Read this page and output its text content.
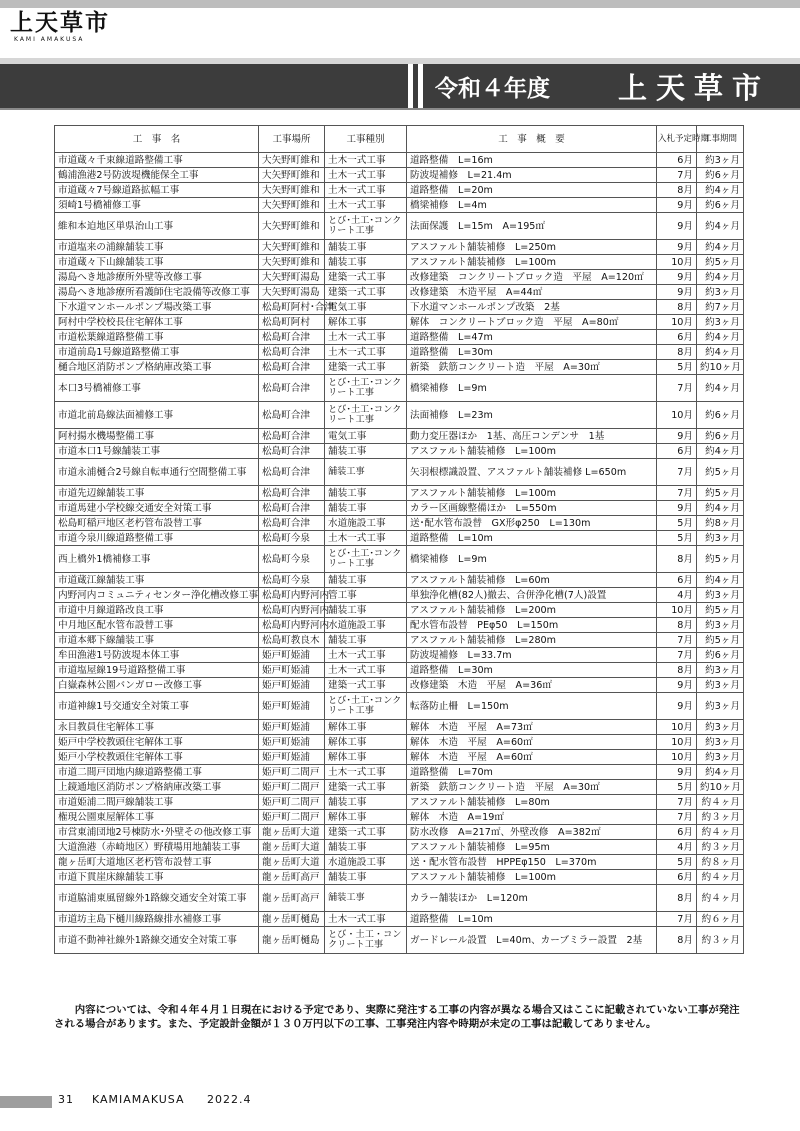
上天草市
KAMI AMAKUSA
令和４年度 上天草市
工　事　名	工事場所	工事種別	工　事　概　要	入札予定時期	工事期間
市道蔵々千束線道路整備工事	大矢野町維和	土木一式工事	道路整備　L=16m	6月	約3ヶ月
鶴浦漁港2号防波堤機能保全工事	大矢野町維和	土木一式工事	防波堤補修　L=21.4m	7月	約6ヶ月
市道蔵々7号線道路拡幅工事	大矢野町維和	土木一式工事	道路整備　L=20m	8月	約4ヶ月
須崎1号橋補修工事	大矢野町維和	土木一式工事	橋梁補修　L=4m	9月	約6ヶ月
維和本迫地区単県治山工事	大矢野町維和	とび･土工･コンクリート工事	法面保護　L=15m　A=195㎡	9月	約4ヶ月
市道塩来の浦線舗装工事	大矢野町維和	舗装工事	アスファルト舗装補修　L=250m	9月	約4ヶ月
市道蔵々下山線舗装工事	大矢野町維和	舗装工事	アスファルト舗装補修　L=100m	10月	約5ヶ月
湯島へき地診療所外壁等改修工事	大矢野町湯島	建築一式工事	改修建築　コンクリートブロック造　平屋　A=120㎡	9月	約4ヶ月
湯島へき地診療所看護師住宅設備等改修工事	大矢野町湯島	建築一式工事	改修建築　木造平屋　A=44㎡	9月	約3ヶ月
下水道マンホールポンプ場改築工事	松島町阿村･合津	電気工事	下水道マンホールポンプ改築　2基	8月	約7ヶ月
阿村中学校校長住宅解体工事	松島町阿村	解体工事	解体　コンクリートブロック造　平屋　A=80㎡	10月	約3ヶ月
市道松葉線道路整備工事	松島町合津	土木一式工事	道路整備　L=47m	6月	約4ヶ月
市道前島1号線道路整備工事	松島町合津	土木一式工事	道路整備　L=30m	8月	約4ヶ月
樋合地区消防ポンプ格納庫改築工事	松島町合津	建築一式工事	新築　鉄筋コンクリート造　平屋　A=30㎡	5月	約10ヶ月
本口3号橋補修工事	松島町合津	とび･土工･コンクリート工事	橋梁補修　L=9m	7月	約4ヶ月
市道北前島線法面補修工事	松島町合津	とび･土工･コンクリート工事	法面補修　L=23m	10月	約6ヶ月
阿村揚水機場整備工事	松島町合津	電気工事	動力変圧器ほか　1基、高圧コンデンサ　1基	9月	約6ヶ月
市道本口1号線舗装工事	松島町合津	舗装工事	アスファルト舗装補修　L=100m	6月	約4ヶ月
市道永浦樋合2号線自転車通行空間整備工事	松島町合津	舗装工事	矢羽根標識設置、アスファルト舗装補修 L=650m	7月	約5ヶ月
市道先辺線舗装工事	松島町合津	舗装工事	アスファルト舗装補修　L=100m	7月	約5ヶ月
市道馬建小学校線交通安全対策工事	松島町合津	舗装工事	カラー区画線整備ほか　L=550m	9月	約4ヶ月
松島町稲戸地区老朽管布設替工事	松島町合津	水道施設工事	送･配水管布設替　GX形φ250　L=130m	5月	約8ヶ月
市道今泉川線道路整備工事	松島町今泉	土木一式工事	道路整備　L=10m	5月	約3ヶ月
西上橋外1橋補修工事	松島町今泉	とび･土工･コンクリート工事	橋梁補修　L=9m	8月	約5ヶ月
市道蔵江線舗装工事	松島町今泉	舗装工事	アスファルト舗装補修　L=60m	6月	約4ヶ月
内野河内コミュニティセンター浄化槽改修工事	松島町内野河内	管工事	単独浄化槽(82人)撤去、合併浄化槽(7人)設置	4月	約3ヶ月
市道中月線道路改良工事	松島町内野河内	舗装工事	アスファルト舗装補修　L=200m	10月	約5ヶ月
中月地区配水管布設替工事	松島町内野河内	水道施設工事	配水管布設替　PEφ50　L=150m	8月	約3ヶ月
市道本郷下線舗装工事	松島町教良木	舗装工事	アスファルト舗装補修　L=280m	7月	約5ヶ月
牟田漁港1号防波堤本体工事	姫戸町姫浦	土木一式工事	防波堤補修　L=33.7m	7月	約6ヶ月
市道塩屋線19号道路整備工事	姫戸町姫浦	土木一式工事	道路整備　L=30m	8月	約3ヶ月
白嶽森林公園バンガロー改修工事	姫戸町姫浦	建築一式工事	改修建築　木造　平屋　A=36㎡	9月	約3ヶ月
市道神線1号交通安全対策工事	姫戸町姫浦	とび･土工･コンクリート工事	転落防止柵　L=150m	9月	約3ヶ月
永目教員住宅解体工事	姫戸町姫浦	解体工事	解体　木造　平屋　A=73㎡	10月	約3ヶ月
姫戸中学校教頭住宅解体工事	姫戸町姫浦	解体工事	解体　木造　平屋　A=60㎡	10月	約3ヶ月
姫戸小学校教頭住宅解体工事	姫戸町姫浦	解体工事	解体　木造　平屋　A=60㎡	10月	約3ヶ月
市道二間戸団地内線道路整備工事	姫戸町二間戸	土木一式工事	道路整備　L=70m	9月	約4ヶ月
上鏡通地区消防ポンプ格納庫改築工事	姫戸町二間戸	建築一式工事	新築　鉄筋コンクリート造　平屋　A=30㎡	5月	約10ヶ月
市道姫浦二間戸線舗装工事	姫戸町二間戸	舗装工事	アスファルト舗装補修　L=80m	7月	約４ヶ月
権現公園東屋解体工事	姫戸町二間戸	解体工事	解体　木造　A=19㎡	7月	約３ヶ月
市営東浦団地2号棟防水･外壁その他改修工事	龍ヶ岳町大道	建築一式工事	防水改修　A=217㎡、外壁改修　A=382㎡	6月	約４ヶ月
大道漁港（赤崎地区）野積場用地舗装工事	龍ヶ岳町大道	舗装工事	アスファルト舗装補修　L=95m	4月	約３ヶ月
龍ヶ岳町大道地区老朽管布設替工事	龍ヶ岳町大道	水道施設工事	送・配水管布設替　HPPEφ150　L=370m	5月	約８ヶ月
市道下貫崖床線舗装工事	龍ヶ岳町高戸	舗装工事	アスファルト舗装補修　L=100m	6月	約４ヶ月
市道脇浦東風留線外1路線交通安全対策工事	龍ヶ岳町高戸	舗装工事	カラー舗装ほか　L=120m	8月	約４ヶ月
市道坊主島下樋川線路線排水補修工事	龍ヶ岳町樋島	土木一式工事	道路整備　L=10m	7月	約６ヶ月
市道不動神社線外1路線交通安全対策工事	龍ヶ岳町樋島	とび・土工・コンクリート工事	ガードレール設置　L=40m、カーブミラー設置　2基	8月	約３ヶ月
　　内容については、令和４年４月１日現在における予定であり、実際に発注する工事の内容が異なる場合又はここに記載されていない工事が発注される場合があります。また、予定設計金額が１３０万円以下の工事、工事発注内容や時期が未定の工事は記載してありません。
31 KAMIAMAKUSA 2022.4
